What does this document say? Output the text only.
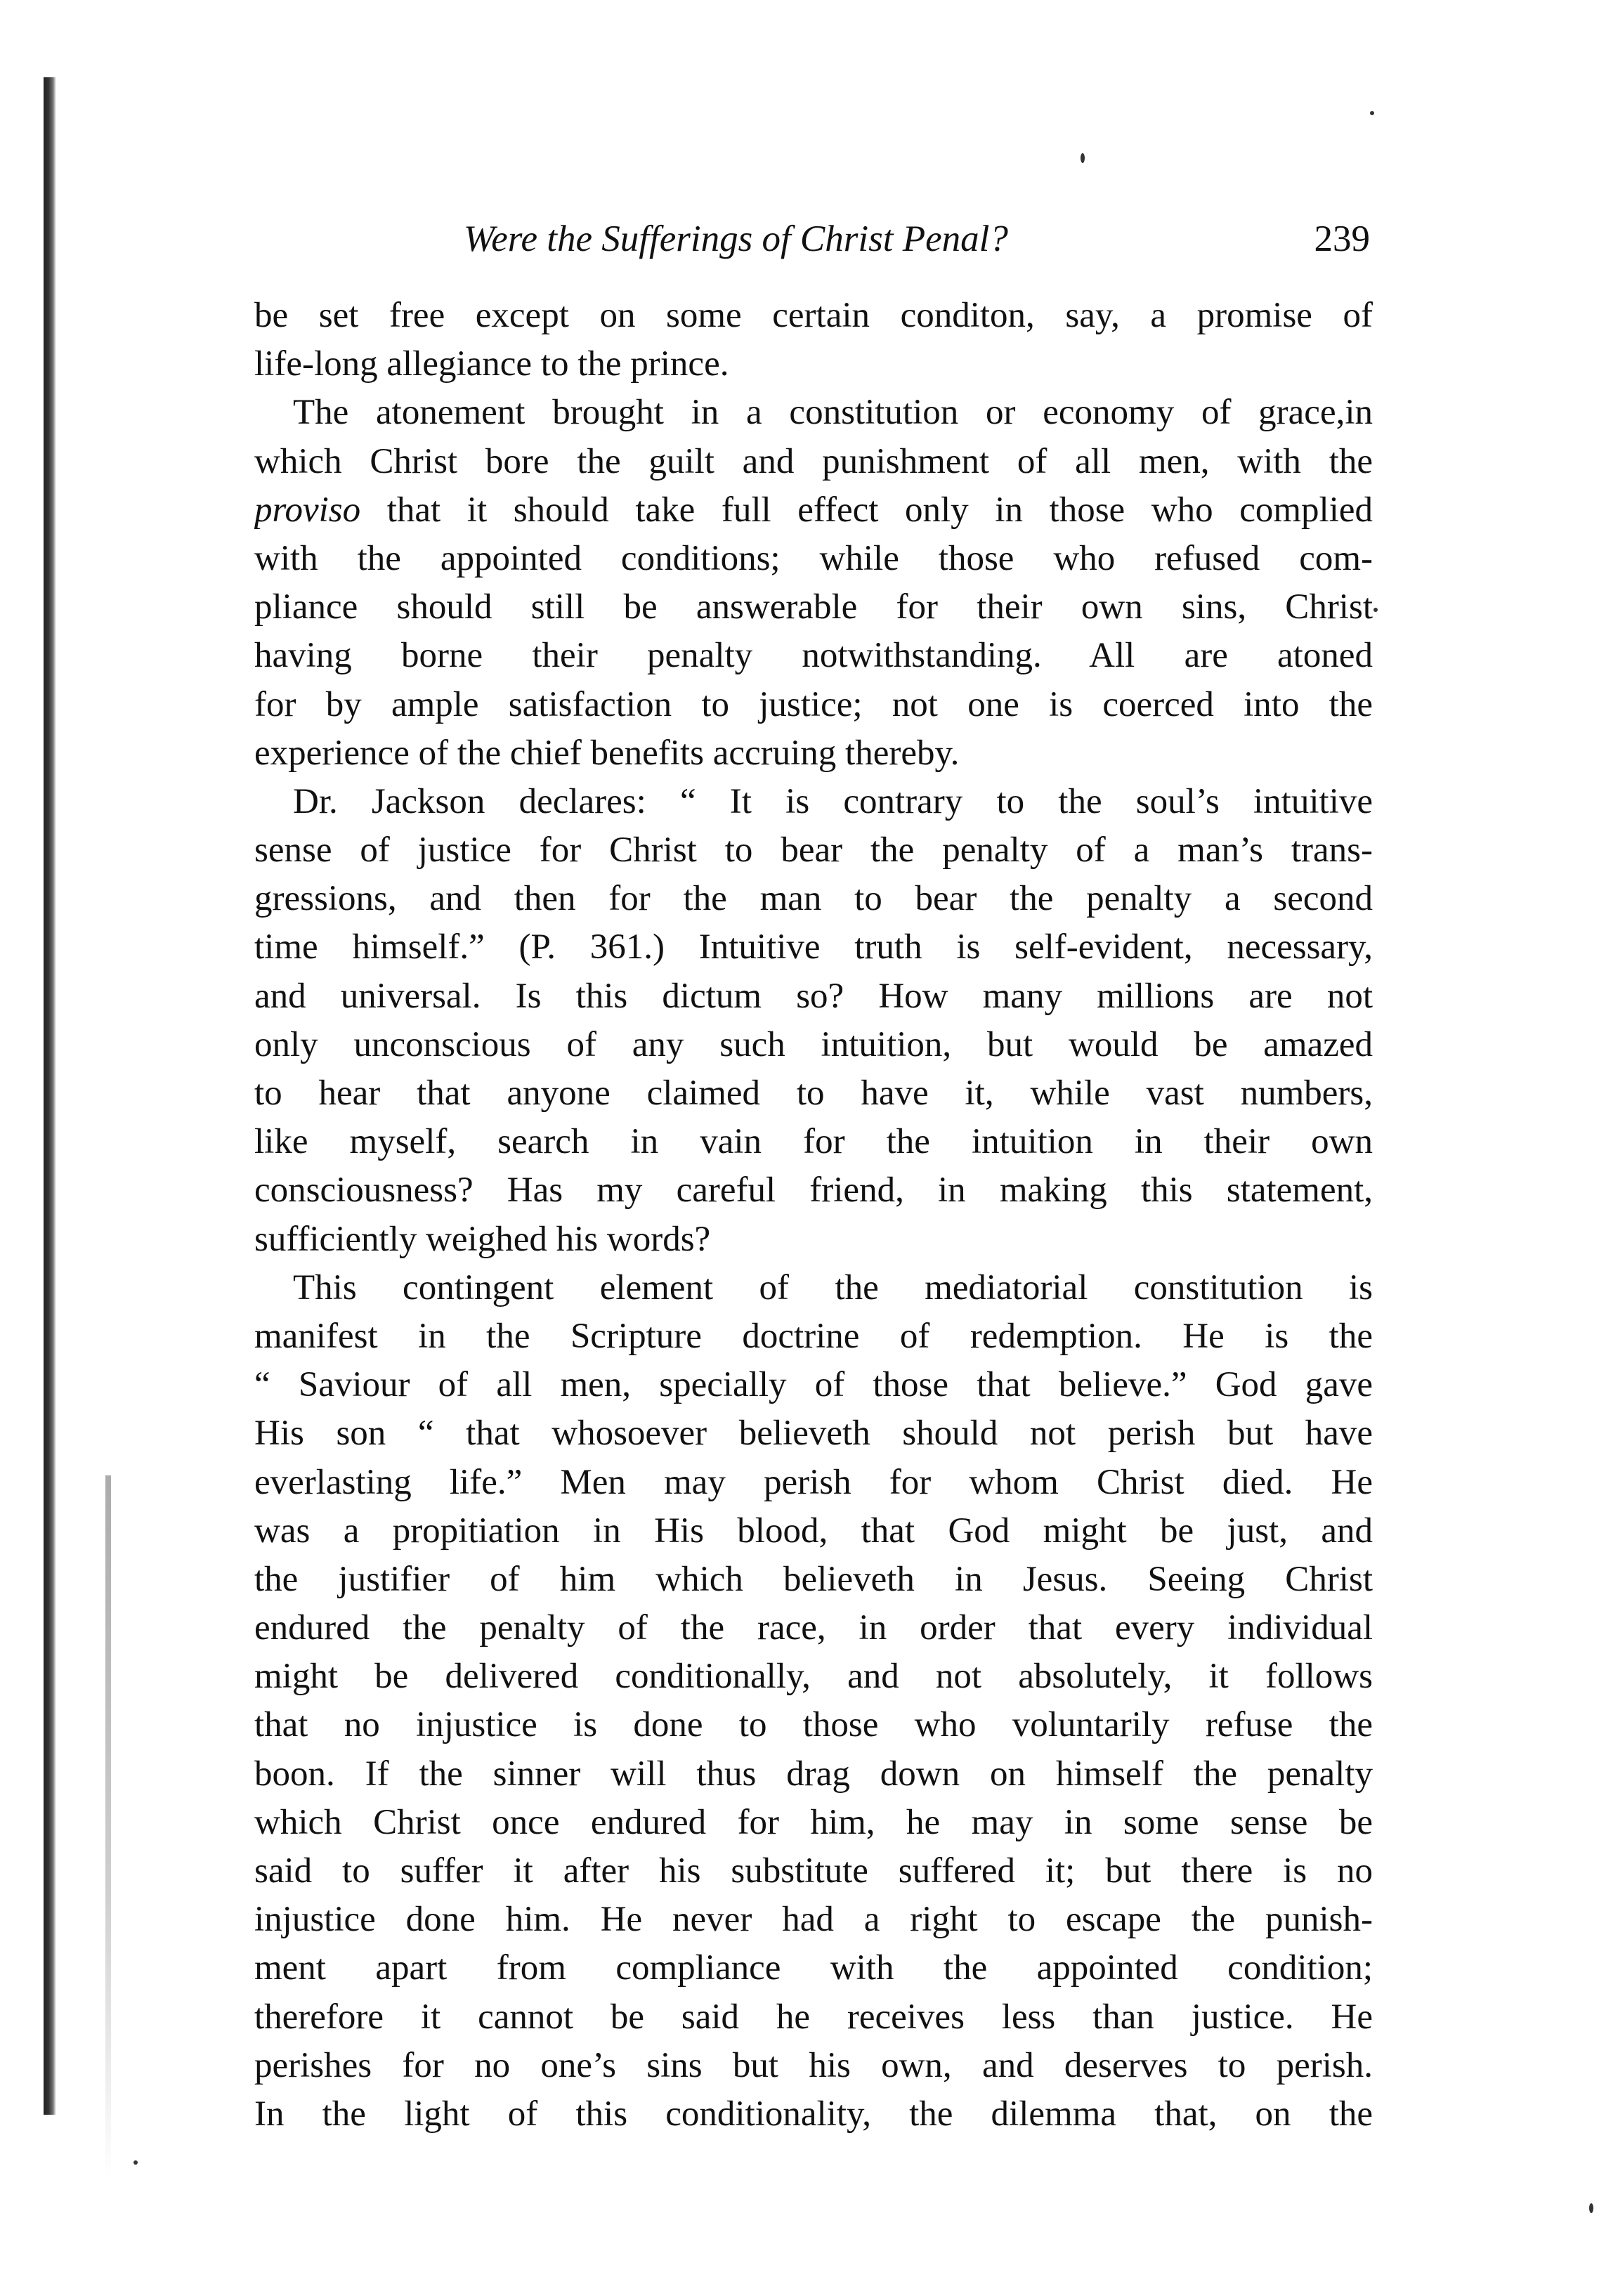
Were the Sufferings of Christ Penal?	239
be set free except on some certain conditon, say, a promise of
life-long allegiance to the prince.
The atonement brought in a constitution or economy of grace,in
which Christ bore the guilt and punishment of all men, with the
proviso that it should take full effect only in those who complied
with the appointed conditions; while those who refused com-
pliance should still be answerable for their own sins, Christ
having borne their penalty notwithstanding. All are atoned
for by ample satisfaction to justice; not one is coerced into the
experience of the chief benefits accruing thereby.
Dr. Jackson declares: “ It is contrary to the soul’s intuitive
sense of justice for Christ to bear the penalty of a man’s trans-
gressions, and then for the man to bear the penalty a second
time himself.” (P. 361.) Intuitive truth is self-evident, necessary,
and universal. Is this dictum so? How many millions are not
only unconscious of any such intuition, but would be amazed
to hear that anyone claimed to have it, while vast numbers,
like myself, search in vain for the intuition in their own
consciousness? Has my careful friend, in making this statement,
sufficiently weighed his words?
This contingent element of the mediatorial constitution is
manifest in the Scripture doctrine of redemption. He is the
“ Saviour of all men, specially of those that believe.” God gave
His son “ that whosoever believeth should not perish but have
everlasting life.” Men may perish for whom Christ died. He
was a propitiation in His blood, that God might be just, and
the justifier of him which believeth in Jesus. Seeing Christ
endured the penalty of the race, in order that every individual
might be delivered conditionally, and not absolutely, it follows
that no injustice is done to those who voluntarily refuse the
boon. If the sinner will thus drag down on himself the penalty
which Christ once endured for him, he may in some sense be
said to suffer it after his substitute suffered it; but there is no
injustice done him. He never had a right to escape the punish-
ment apart from compliance with the appointed condition;
therefore it cannot be said he receives less than justice. He
perishes for no one’s sins but his own, and deserves to perish.
In the light of this conditionality, the dilemma that, on the
